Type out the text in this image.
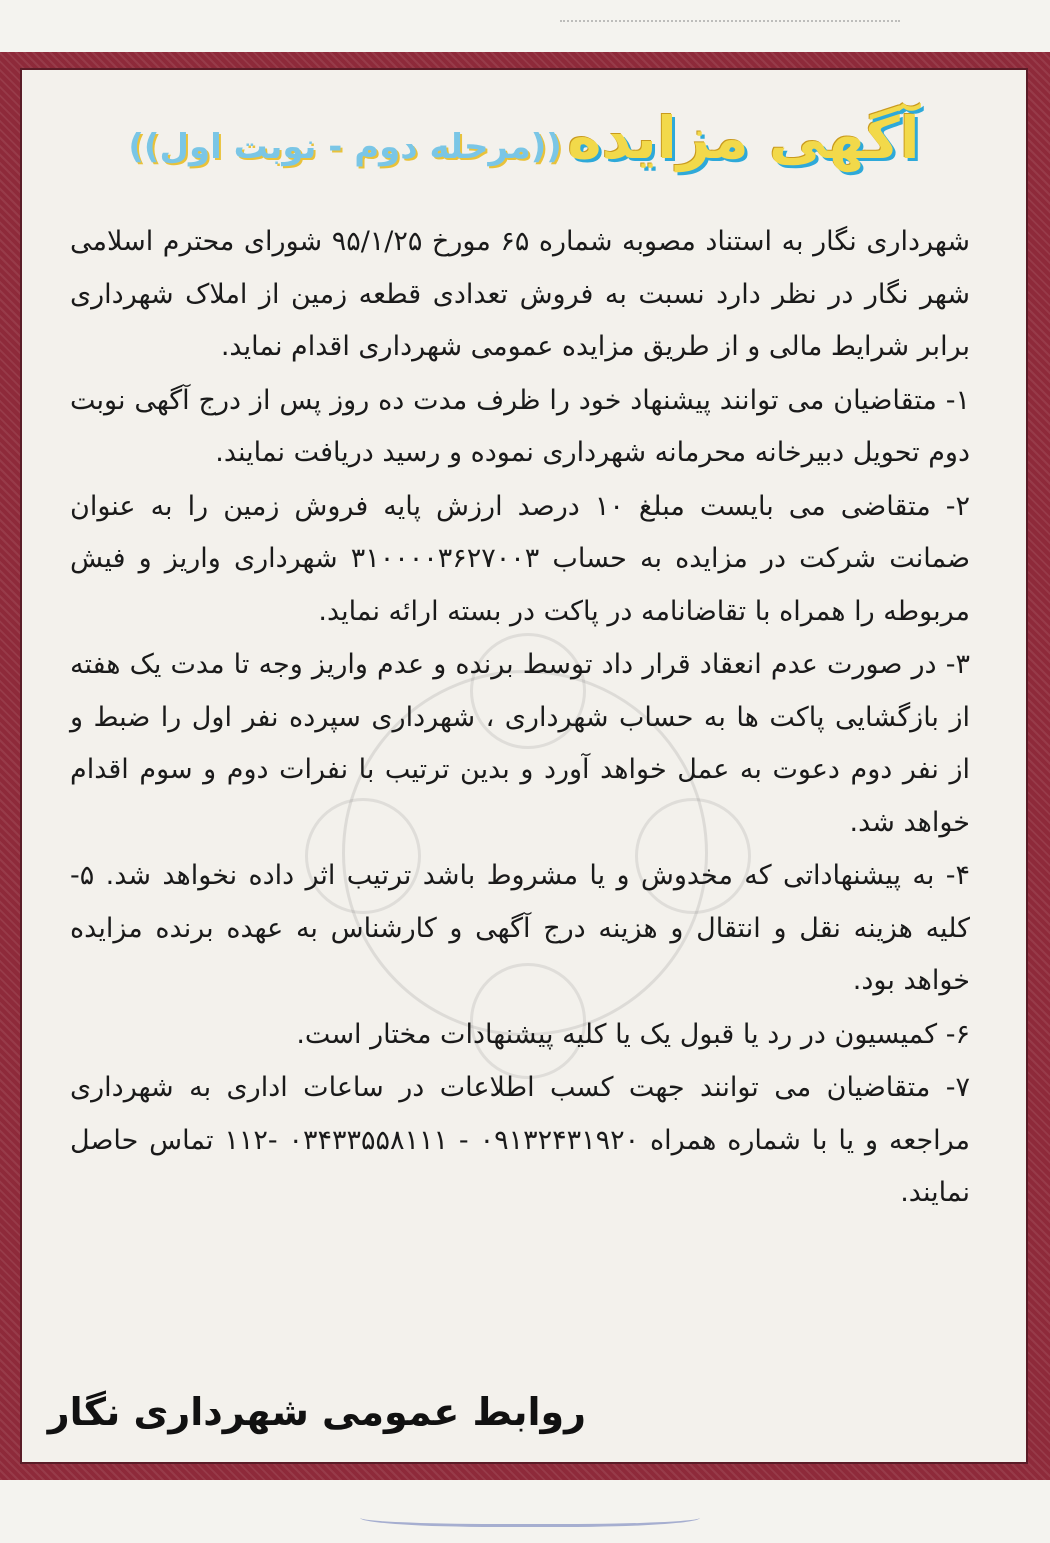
آگهی مزایده ((مرحله دوم - نوبت اول))

شهرداری نگار به استناد مصوبه شماره ۶۵ مورخ ۹۵/۱/۲۵ شورای محترم اسلامی شهر نگار در نظر دارد نسبت به فروش تعدادی قطعه زمین از املاک شهرداری برابر شرایط مالی و از طریق مزایده عمومی شهرداری اقدام نماید.

۱- متقاضیان می توانند پیشنهاد خود را ظرف مدت ده روز پس از درج آگهی نوبت دوم تحویل دبیرخانه محرمانه شهرداری نموده و رسید دریافت نمایند.

۲- متقاضی می بایست مبلغ ۱۰ درصد ارزش پایه فروش زمین را به عنوان ضمانت شرکت در مزایده به حساب ۳۱۰۰۰۰۳۶۲۷۰۰۳ شهرداری واریز و فیش مربوطه را همراه با تقاضانامه در پاکت در بسته ارائه نماید.

۳- در صورت عدم انعقاد قرار داد توسط برنده و عدم واریز وجه تا مدت یک هفته از بازگشایی پاکت ها به حساب شهرداری ، شهرداری سپرده نفر اول را ضبط و از نفر دوم دعوت به عمل خواهد آورد و بدین ترتیب با نفرات دوم و سوم اقدام خواهد شد.

۴- به پیشنهاداتی که مخدوش و یا مشروط باشد ترتیب اثر داده نخواهد شد. ۵- کلیه هزینه نقل و انتقال و هزینه درج آگهی و کارشناس به عهده برنده مزایده خواهد بود.

۶- کمیسیون در رد یا قبول یک یا کلیه پیشنهادات مختار است.

۷- متقاضیان می توانند جهت کسب اطلاعات در ساعات اداری به شهرداری مراجعه و یا با شماره همراه ۰۹۱۳۲۴۳۱۹۲۰ - ۰۳۴۳۳۵۵۸۱۱۱ -۱۱۲ تماس حاصل نمایند.

روابط عمومی شهرداری نگار
